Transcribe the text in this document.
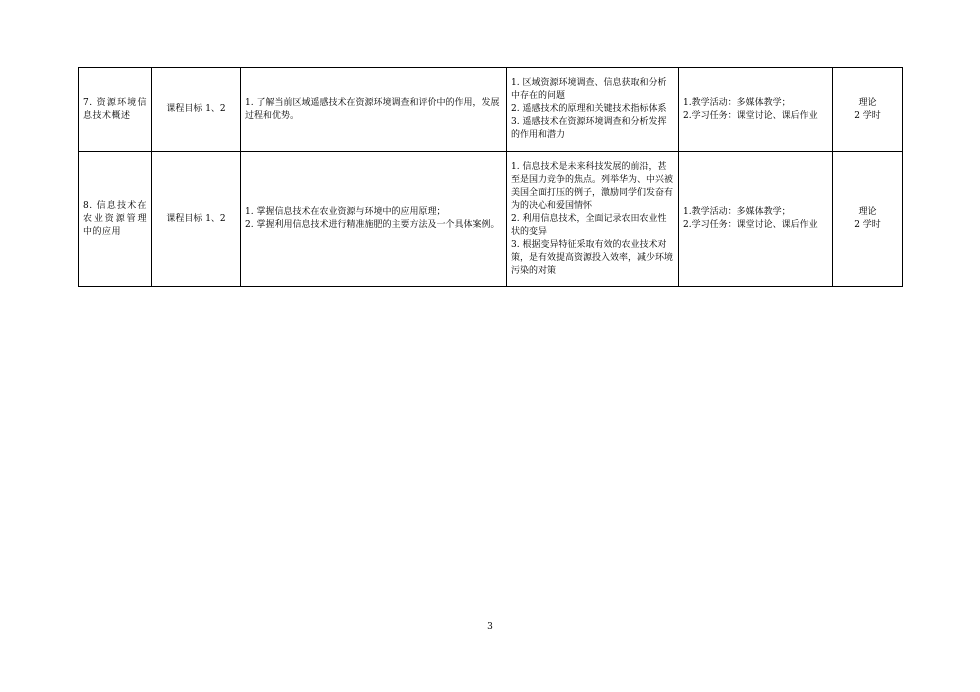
7. 资源环境信息技术概述	课程目标 1、2	1. 了解当前区域遥感技术在资源环境调查和评价中的作用，发展过程和优势。	1. 区域资源环境调查、信息获取和分析中存在的问题
2. 遥感技术的原理和关键技术指标体系
3. 遥感技术在资源环境调查和分析发挥的作用和潜力	1.教学活动：多媒体教学；
2.学习任务：课堂讨论、课后作业	理论
2 学时

8. 信息技术在农业资源管理中的应用	课程目标 1、2	1. 掌握信息技术在农业资源与环境中的应用原理；
2. 掌握利用信息技术进行精准施肥的主要方法及一个具体案例。	1. 信息技术是未来科技发展的前沿，甚至是国力竞争的焦点。列举华为、中兴被美国全面打压的例子，激励同学们发奋有为的决心和爱国情怀
2. 利用信息技术，全面记录农田农业性状的变异
3. 根据变异特征采取有效的农业技术对策，是有效提高资源投入效率，减少环境污染的对策	1.教学活动：多媒体教学；
2.学习任务：课堂讨论、课后作业	理论
2 学时
3
